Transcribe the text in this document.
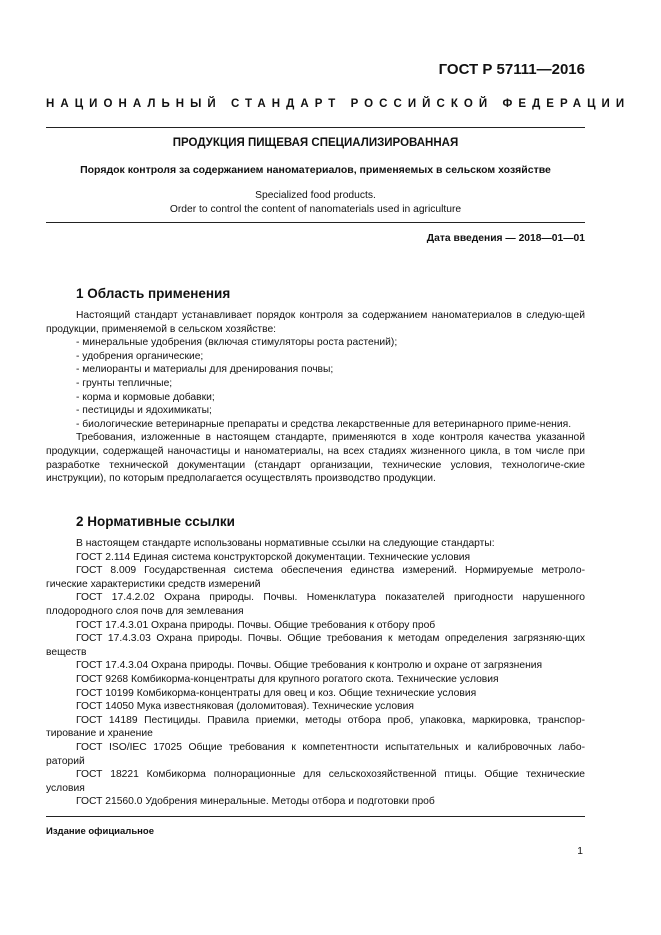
ГОСТ Р 57111—2016
НАЦИОНАЛЬНЫЙ СТАНДАРТ РОССИЙСКОЙ ФЕДЕРАЦИИ
ПРОДУКЦИЯ ПИЩЕВАЯ СПЕЦИАЛИЗИРОВАННАЯ
Порядок контроля за содержанием наноматериалов, применяемых в сельском хозяйстве
Specialized food products.
Order to control the content of nanomaterials used in agriculture
Дата введения — 2018—01—01
1 Область применения

Настоящий стандарт устанавливает порядок контроля за содержанием наноматериалов в следую-щей продукции, применяемой в сельском хозяйстве:

- минеральные удобрения (включая стимуляторы роста растений);

- удобрения органические;

- мелиоранты и материалы для дренирования почвы;

- грунты тепличные;

- корма и кормовые добавки;

- пестициды и ядохимикаты;

- биологические ветеринарные препараты и средства лекарственные для ветеринарного приме-нения.

Требования, изложенные в настоящем стандарте, применяются в ходе контроля качества указанной продукции, содержащей наночастицы и наноматериалы, на всех стадиях жизненного цикла, в том числе при разработке технической документации (стандарт организации, технические условия, технологиче-ские инструкции), по которым предполагается осуществлять производство продукции.

2 Нормативные ссылки

В настоящем стандарте использованы нормативные ссылки на следующие стандарты:

ГОСТ 2.114 Единая система конструкторской документации. Технические условия

ГОСТ 8.009 Государственная система обеспечения единства измерений. Нормируемые метроло-гические характеристики средств измерений

ГОСТ 17.4.2.02 Охрана природы. Почвы. Номенклатура показателей пригодности нарушенного плодородного слоя почв для землевания

ГОСТ 17.4.3.01 Охрана природы. Почвы. Общие требования к отбору проб

ГОСТ 17.4.3.03 Охрана природы. Почвы. Общие требования к методам определения загрязняю-щих веществ

ГОСТ 17.4.3.04 Охрана природы. Почвы. Общие требования к контролю и охране от загрязнения

ГОСТ 9268 Комбикорма-концентраты для крупного рогатого скота. Технические условия

ГОСТ 10199 Комбикорма-концентраты для овец и коз. Общие технические условия

ГОСТ 14050 Мука известняковая (доломитовая). Технические условия

ГОСТ 14189 Пестициды. Правила приемки, методы отбора проб, упаковка, маркировка, транспор-тирование и хранение

ГОСТ ISO/IEC 17025 Общие требования к компетентности испытательных и калибровочных лабо-раторий

ГОСТ 18221 Комбикорма полнорационные для сельскохозяйственной птицы. Общие технические условия

ГОСТ 21560.0 Удобрения минеральные. Методы отбора и подготовки проб

Издание официальное
1
